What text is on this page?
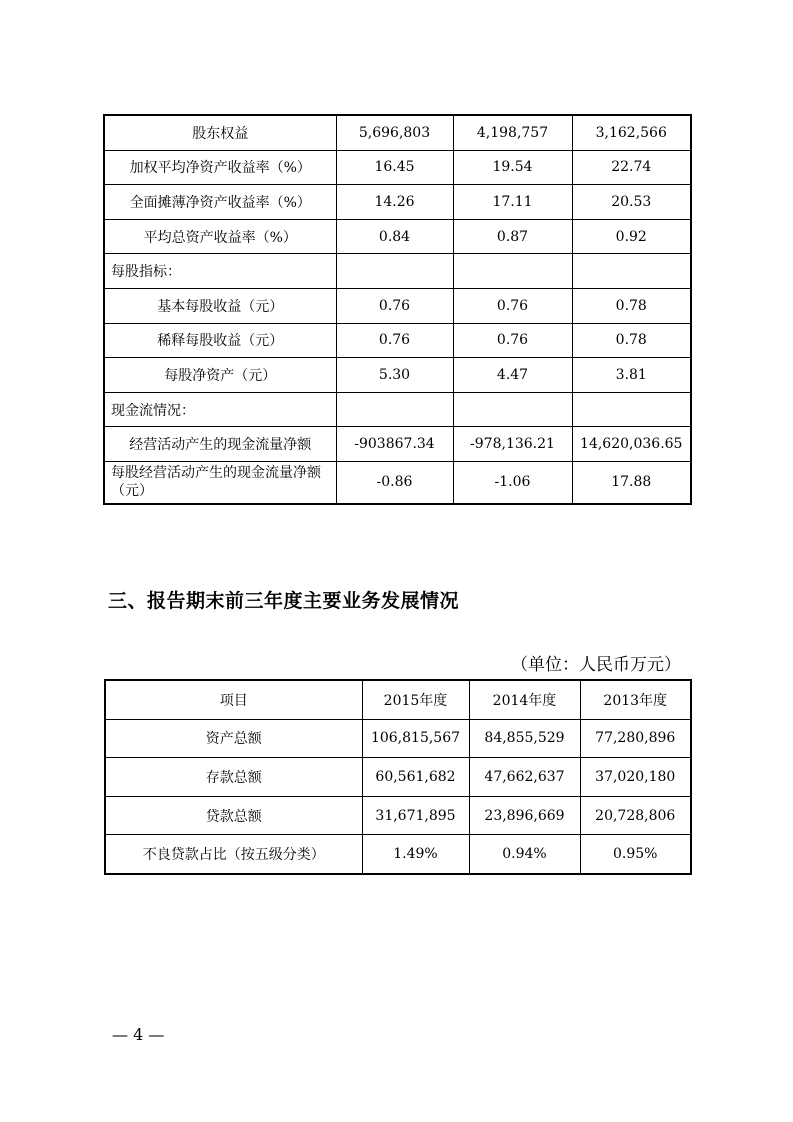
股东权益	5,696,803	4,198,757	3,162,566
加权平均净资产收益率（%）	16.45	19.54	22.74
全面摊薄净资产收益率（%）	14.26	17.11	20.53
平均总资产收益率（%）	0.84	0.87	0.92
每股指标：			
基本每股收益（元）	0.76	0.76	0.78
稀释每股收益（元）	0.76	0.76	0.78
每股净资产（元）	5.30	4.47	3.81
现金流情况：			
经营活动产生的现金流量净额	-903867.34	-978,136.21	14,620,036.65
每股经营活动产生的现金流量净额（元）	-0.86	-1.06	17.88
三、报告期末前三年度主要业务发展情况
（单位：人民币万元）
项目	2015年度	2014年度	2013年度
资产总额	106,815,567	84,855,529	77,280,896
存款总额	60,561,682	47,662,637	37,020,180
贷款总额	31,671,895	23,896,669	20,728,806
不良贷款占比（按五级分类）	1.49%	0.94%	0.95%
— 4 —
